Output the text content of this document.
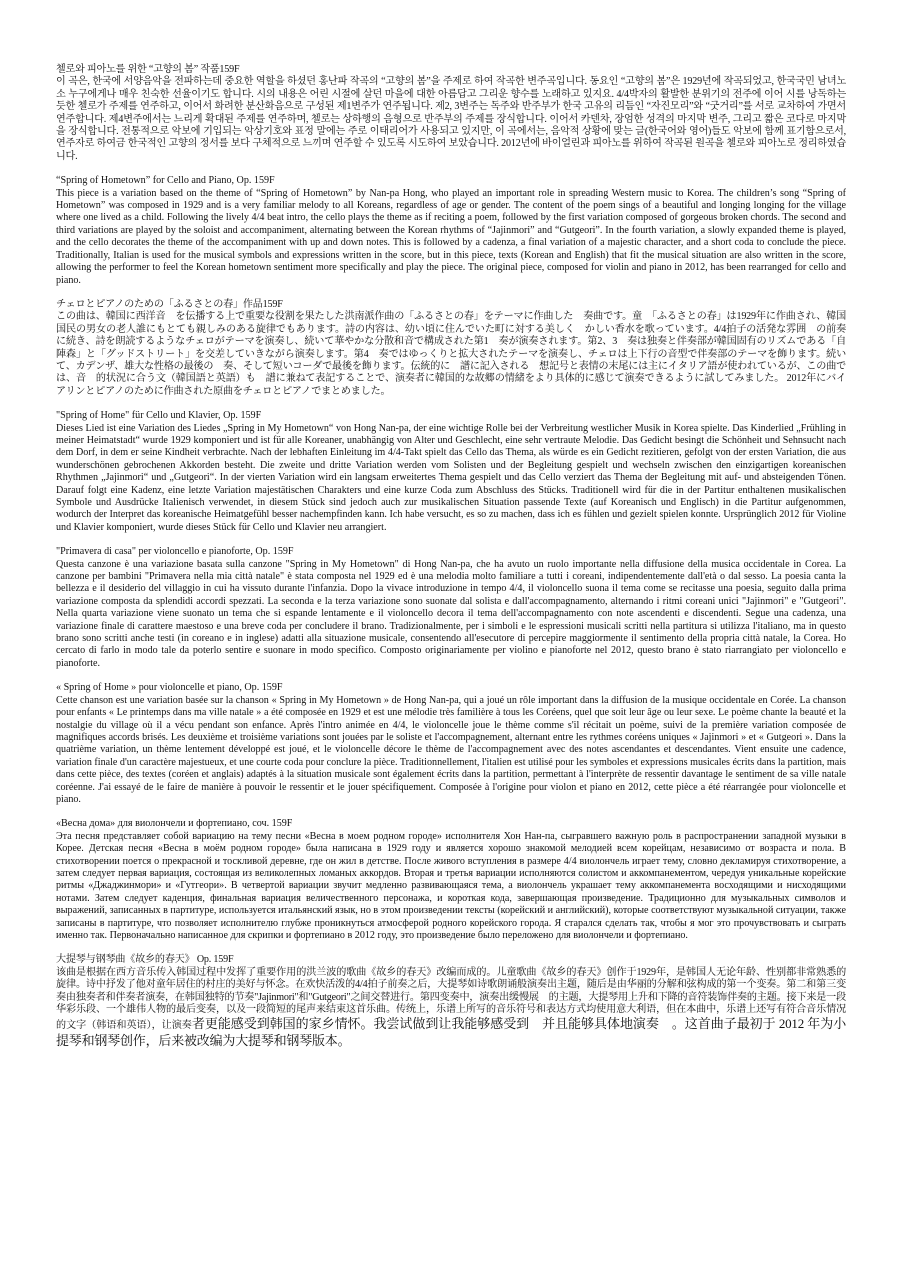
첼로와 피아노를 위한 “고향의 봄” 작품159F

이 곡은, 한국에 서양음악을 전파하는데 중요한 역할을 하셨던 홍난파 작곡의 “고향의 봄”을 주제로 하여 작곡한 변주곡입니다. 동요인 “고향의 봄”은 1929년에 작곡되었고, 한국국민 남녀노소 누구에게나 매우 친숙한 선율이기도 합니다. 시의 내용은 어린 시절에 살던 마을에 대한 아름답고 그리운 향수를 노래하고 있지요. 4/4박자의 활발한 분위기의 전주에 이어 시를 낭독하는 듯한 첼로가 주제를 연주하고, 이어서 화려한 분산화음으로 구성된 제1변주가 연주됩니다. 제2, 3변주는 독주와 반주부가 한국 고유의 리듬인 “자진모리”와 “굿거리”를 서로 교차하여 가면서 연주합니다. 제4변주에서는 느리게 확대된 주제를 연주하며, 첼로는 상하행의 음형으로 반주부의 주제를 장식합니다. 이어서 카덴차, 장엄한 성격의 마지막 변주, 그리고 짧은 코다로 마지막을 장식합니다. 전통적으로 악보에 기입되는 악상기호와 표정 말에는 주로 이태리어가 사용되고 있지만, 이 곡에서는, 음악적 상황에 맞는 글(한국어와 영어)들도 악보에 함께 표기함으로서, 연주자로 하여금 한국적인 고향의 정서를 보다 구체적으로 느끼며 연주할 수 있도록 시도하여 보았습니다. 2012년에 바이얼린과 피아노를 위하여 작곡된 원곡을 첼로와 피아노로 정리하였습니다.

“Spring of Hometown” for Cello and Piano, Op. 159F

This piece is a variation based on the theme of “Spring of Hometown” by Nan-pa Hong, who played an important role in spreading Western music to Korea. The children’s song “Spring of Hometown” was composed in 1929 and is a very familiar melody to all Koreans, regardless of age or gender. The content of the poem sings of a beautiful and longing longing for the village where one lived as a child. Following the lively 4/4 beat intro, the cello plays the theme as if reciting a poem, followed by the first variation composed of gorgeous broken chords. The second and third variations are played by the soloist and accompaniment, alternating between the Korean rhythms of “Jajinmori” and “Gutgeori”. In the fourth variation, a slowly expanded theme is played, and the cello decorates the theme of the accompaniment with up and down notes. This is followed by a cadenza, a final variation of a majestic character, and a short coda to conclude the piece. Traditionally, Italian is used for the musical symbols and expressions written in the score, but in this piece, texts (Korean and English) that fit the musical situation are also written in the score, allowing the performer to feel the Korean hometown sentiment more specifically and play the piece. The original piece, composed for violin and piano in 2012, has been rearranged for cello and piano.

チェロとピアノのための「ふるさとの春」作品159F

この曲は、韓国に西洋音　を伝播する上で重要な役割を果たした洪南派作曲の「ふるさとの春」をテーマに作曲した　奏曲です。童　「ふるさとの春」は1929年に作曲され、韓国国民の男女の老人誰にもとても親しみのある旋律でもあります。詩の内容は、幼い頃に住んでいた町に対する美しく　かしい香水を歌っています。4/4拍子の活発な雰囲　の前奏に続き、詩を朗読するようなチェロがテーマを演奏し、続いて華やかな分散和音で構成された第1　奏が演奏されます。第2、3　奏は独奏と伴奏部が韓国固有のリズムである「自陣森」と「グッドストリート」を交差していきながら演奏します。第4　奏ではゆっくりと拡大されたテーマを演奏し、チェロは上下行の音型で伴奏部のテーマを飾ります。続いて、カデンザ、雄大な性格の最後の　奏、そして短いコーダで最後を飾ります。伝統的に　譜に記入される　想記号と表情の末尾には主にイタリア語が使われているが、この曲では、音　的状況に合う文（韓国語と英語）も　譜に兼ねて表記することで、演奏者に韓国的な故郷の情緒をより具体的に感じて演奏できるように試してみました。 2012年にバイアリンとピアノのために作曲された原曲をチェロとピアノでまとめました。

"Spring of Home" für Cello und Klavier, Op. 159F

Dieses Lied ist eine Variation des Liedes „Spring in My Hometown“ von Hong Nan-pa, der eine wichtige Rolle bei der Verbreitung westlicher Musik in Korea spielte. Das Kinderlied „Frühling in meiner Heimatstadt“ wurde 1929 komponiert und ist für alle Koreaner, unabhängig von Alter und Geschlecht, eine sehr vertraute Melodie. Das Gedicht besingt die Schönheit und Sehnsucht nach dem Dorf, in dem er seine Kindheit verbrachte. Nach der lebhaften Einleitung im 4/4-Takt spielt das Cello das Thema, als würde es ein Gedicht rezitieren, gefolgt von der ersten Variation, die aus wunderschönen gebrochenen Akkorden besteht. Die zweite und dritte Variation werden vom Solisten und der Begleitung gespielt und wechseln zwischen den einzigartigen koreanischen Rhythmen „Jajinmori“ und „Gutgeori“. In der vierten Variation wird ein langsam erweitertes Thema gespielt und das Cello verziert das Thema der Begleitung mit auf- und absteigenden Tönen. Darauf folgt eine Kadenz, eine letzte Variation majestätischen Charakters und eine kurze Coda zum Abschluss des Stücks. Traditionell wird für die in der Partitur enthaltenen musikalischen Symbole und Ausdrücke Italienisch verwendet, in diesem Stück sind jedoch auch zur musikalischen Situation passende Texte (auf Koreanisch und Englisch) in die Partitur aufgenommen, wodurch der Interpret das koreanische Heimatgefühl besser nachempfinden kann. Ich habe versucht, es so zu machen, dass ich es fühlen und gezielt spielen konnte. Ursprünglich 2012 für Violine und Klavier komponiert, wurde dieses Stück für Cello und Klavier neu arrangiert.

"Primavera di casa" per violoncello e pianoforte, Op. 159F

Questa canzone è una variazione basata sulla canzone "Spring in My Hometown" di Hong Nan-pa, che ha avuto un ruolo importante nella diffusione della musica occidentale in Corea. La canzone per bambini "Primavera nella mia città natale" è stata composta nel 1929 ed è una melodia molto familiare a tutti i coreani, indipendentemente dall'età o dal sesso. La poesia canta la bellezza e il desiderio del villaggio in cui ha vissuto durante l'infanzia. Dopo la vivace introduzione in tempo 4/4, il violoncello suona il tema come se recitasse una poesia, seguito dalla prima variazione composta da splendidi accordi spezzati. La seconda e la terza variazione sono suonate dal solista e dall'accompagnamento, alternando i ritmi coreani unici "Jajinmori" e "Gutgeori". Nella quarta variazione viene suonato un tema che si espande lentamente e il violoncello decora il tema dell'accompagnamento con note ascendenti e discendenti. Segue una cadenza, una variazione finale di carattere maestoso e una breve coda per concludere il brano. Tradizionalmente, per i simboli e le espressioni musicali scritti nella partitura si utilizza l'italiano, ma in questo brano sono scritti anche testi (in coreano e in inglese) adatti alla situazione musicale, consentendo all'esecutore di percepire maggiormente il sentimento della propria città natale, la Corea. Ho cercato di farlo in modo tale da poterlo sentire e suonare in modo specifico. Composto originariamente per violino e pianoforte nel 2012, questo brano è stato riarrangiato per violoncello e pianoforte.

« Spring of Home » pour violoncelle et piano, Op. 159F

Cette chanson est une variation basée sur la chanson « Spring in My Hometown » de Hong Nan-pa, qui a joué un rôle important dans la diffusion de la musique occidentale en Corée. La chanson pour enfants « Le printemps dans ma ville natale » a été composée en 1929 et est une mélodie très familière à tous les Coréens, quel que soit leur âge ou leur sexe. Le poème chante la beauté et la nostalgie du village où il a vécu pendant son enfance. Après l'intro animée en 4/4, le violoncelle joue le thème comme s'il récitait un poème, suivi de la première variation composée de magnifiques accords brisés. Les deuxième et troisième variations sont jouées par le soliste et l'accompagnement, alternant entre les rythmes coréens uniques « Jajinmori » et « Gutgeori ». Dans la quatrième variation, un thème lentement développé est joué, et le violoncelle décore le thème de l'accompagnement avec des notes ascendantes et descendantes. Vient ensuite une cadence, variation finale d'un caractère majestueux, et une courte coda pour conclure la pièce. Traditionnellement, l'italien est utilisé pour les symboles et expressions musicales écrits dans la partition, mais dans cette pièce, des textes (coréen et anglais) adaptés à la situation musicale sont également écrits dans la partition, permettant à l'interprète de ressentir davantage le sentiment de sa ville natale coréenne. J'ai essayé de le faire de manière à pouvoir le ressentir et le jouer spécifiquement. Composée à l'origine pour violon et piano en 2012, cette pièce a été réarrangée pour violoncelle et piano.

«Весна дома» для виолончели и фортепиано, соч. 159F

Эта песня представляет собой вариацию на тему песни «Весна в моем родном городе» исполнителя Хон Нан-па, сыгравшего важную роль в распространении западной музыки в Корее. Детская песня «Весна в моём родном городе» была написана в 1929 году и является хорошо знакомой мелодией всем корейцам, независимо от возраста и пола. В стихотворении поется о прекрасной и тоскливой деревне, где он жил в детстве. После живого вступления в размере 4/4 виолончель играет тему, словно декламируя стихотворение, а затем следует первая вариация, состоящая из великолепных ломаных аккордов. Вторая и третья вариации исполняются солистом и аккомпанементом, чередуя уникальные корейские ритмы «Джаджинмори» и «Гутгеори». В четвертой вариации звучит медленно развивающаяся тема, а виолончель украшает тему аккомпанемента восходящими и нисходящими нотами. Затем следует каденция, финальная вариация величественного персонажа, и короткая кода, завершающая произведение. Традиционно для музыкальных символов и выражений, записанных в партитуре, используется итальянский язык, но в этом произведении тексты (корейский и английский), которые соответствуют музыкальной ситуации, также записаны в партитуре, что позволяет исполнителю глубже проникнуться атмосферой родного корейского города. Я старался сделать так, чтобы я мог это прочувствовать и сыграть именно так. Первоначально написанное для скрипки и фортепиано в 2012 году, это произведение было переложено для виолончели и фортепиано.

大提琴与钢琴曲《故乡的春天》 Op. 159F

该曲是根据在西方音乐传入韩国过程中发挥了重要作用的洪兰波的歌曲《故乡的春天》改编而成的。儿童歌曲《故乡的春天》创作于1929年，是韩国人无论年龄、性别都非常熟悉的旋律。诗中抒发了他对童年居住的村庄的美好与怀念。在欢快活泼的4/4拍子前奏之后，大提琴如诗歌朗诵般演奏出主题，随后是由华丽的分解和弦构成的第一个变奏。第二和第三变奏由独奏者和伴奏者演奏，在韩国独特的节奏"Jajinmori"和"Gutgeori"之间交替进行。第四变奏中，演奏出缓慢展　的主题，大提琴用上升和下降的音符装饰伴奏的主题。接下来是一段华彩乐段、一个雄伟人物的最后变奏，以及一段简短的尾声来结束这首乐曲。传统上，乐谱上所写的音乐符号和表达方式均使用意大利语，但在本曲中，乐谱上还写有符合音乐情况的文字（韩语和英语），让演奏者更能感受到韩国的家乡情怀。我尝试做到让我能够感受到　并且能够具体地演奏　。这首曲子最初于 2012 年为小提琴和钢琴创作，后来被改编为大提琴和钢琴版本。
